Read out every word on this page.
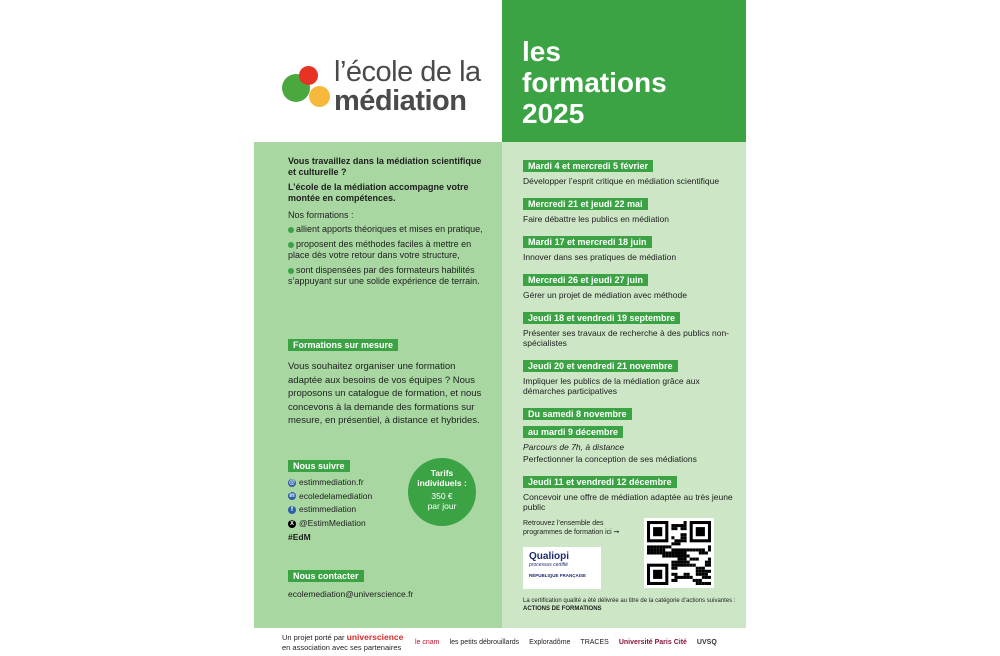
l’école de la
médiation
les
formations
2025
Vous travaillez dans la médiation scientifique et culturelle ?
L’école de la médiation accompagne votre montée en compétences.
Nos formations :
allient apports théoriques et mises en pratique,
proposent des méthodes faciles à mettre en place dès votre retour dans votre structure,
sont dispensées par des formateurs habilités s’appuyant sur une solide expérience de terrain.
Formations sur mesure

Vous souhaitez organiser une formation adaptée aux besoins de vos équipes ? Nous proposons un catalogue de formation, et nous concevons à la demande des formations sur mesure, en présentiel, à distance et hybrides.

Nous suivre
@ estimmediation.fr
in ecoledelamediation
f estimmediation
X @EstimMediation
#EdM
Tarifs individuels :
350 €
par jour
Nous contacter
ecolemediation@universcience.fr
Mardi 4 et mercredi 5 février
Développer l’esprit critique en médiation scientifique
Mercredi 21 et jeudi 22 mai
Faire débattre les publics en médiation
Mardi 17 et mercredi 18 juin
Innover dans ses pratiques de médiation
Mercredi 26 et jeudi 27 juin
Gérer un projet de médiation avec méthode
Jeudi 18 et vendredi 19 septembre
Présenter ses travaux de recherche à des publics non-spécialistes
Jeudi 20 et vendredi 21 novembre
Impliquer les publics de la médiation grâce aux démarches participatives
Du samedi 8 novembre
au mardi 9 décembre
Parcours de 7h, à distance
Perfectionner la conception de ses médiations
Jeudi 11 et vendredi 12 décembre
Concevoir une offre de médiation adaptée au très jeune public
Retrouvez l’ensemble des programmes de formation ici ➞
Qualiopi
processus certifié
RÉPUBLIQUE FRANÇAISE
La certification qualité a été délivrée au titre de la catégorie d’actions suivantes : ACTIONS DE FORMATIONS
Un projet porté par universcience
en association avec ses partenaires
le cnam les petits débrouillards Exploradôme TRACES Université Paris Cité UVSQ
